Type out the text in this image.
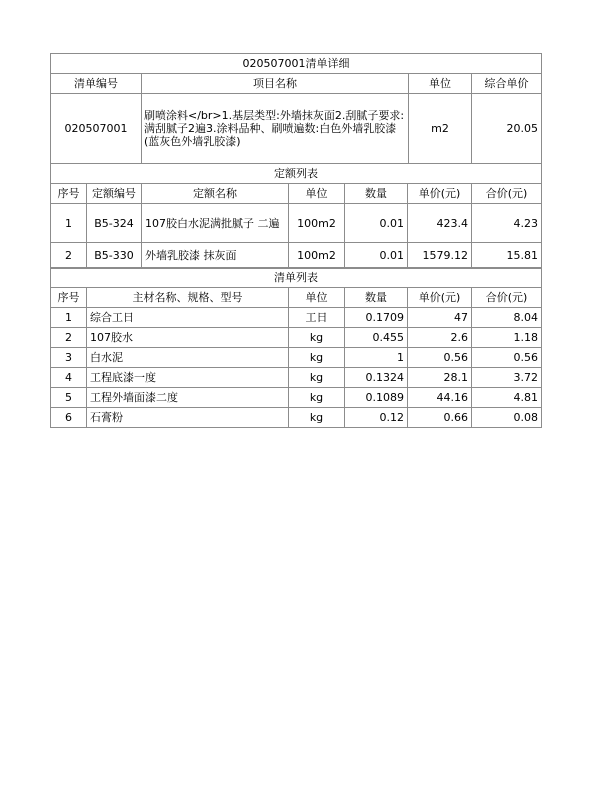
020507001清单详细			
清单编号	项目名称	单位	综合单价
020507001	刷喷涂料</br>1.基层类型:外墙抹灰面2.刮腻子要求:满刮腻子2遍3.涂料品种、刷喷遍数:白色外墙乳胶漆(蓝灰色外墙乳胶漆)	m2	20.05
定额列表						
序号	定额编号	定额名称	单位	数量	单价(元)	合价(元)
1	B5-324	107胶白水泥满批腻子 二遍	100m2	0.01	423.4	4.23
2	B5-330	外墙乳胶漆 抹灰面	100m2	0.01	1579.12	15.81
清单列表					
序号	主材名称、规格、型号	单位	数量	单价(元)	合价(元)
1	综合工日	工日	0.1709	47	8.04
2	107胶水	kg	0.455	2.6	1.18
3	白水泥	kg	1	0.56	0.56
4	工程底漆一度	kg	0.1324	28.1	3.72
5	工程外墙面漆二度	kg	0.1089	44.16	4.81
6	石膏粉	kg	0.12	0.66	0.08
